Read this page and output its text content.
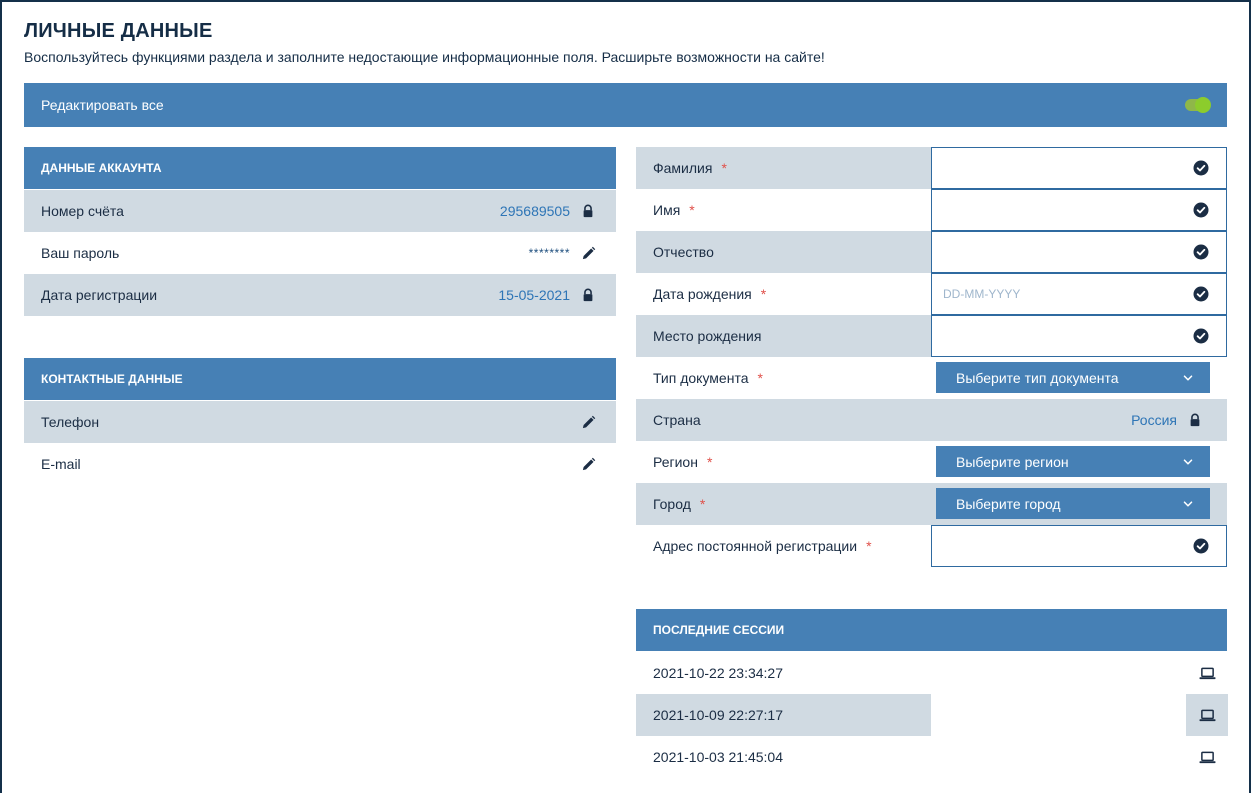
ЛИЧНЫЕ ДАННЫЕ

Воспользуйтесь функциями раздела и заполните недостающие информационные поля. Расширьте возможности на сайте!

Редактировать все
ДАННЫЕ АККАУНТА
Номер счёта	295689505
Ваш пароль	********
Дата регистрации	15-05-2021
КОНТАКТНЫЕ ДАННЫЕ
Телефон
E-mail
Фамилия *
Имя *
Отчество
Дата рождения *	DD-MM-YYYY
Место рождения
Тип документа *	Выберите тип документа
Страна	Россия
Регион *	Выберите регион
Город *	Выберите город
Адрес постоянной регистрации *
ПОСЛЕДНИЕ СЕССИИ
2021-10-22 23:34:27
2021-10-09 22:27:17
2021-10-03 21:45:04
